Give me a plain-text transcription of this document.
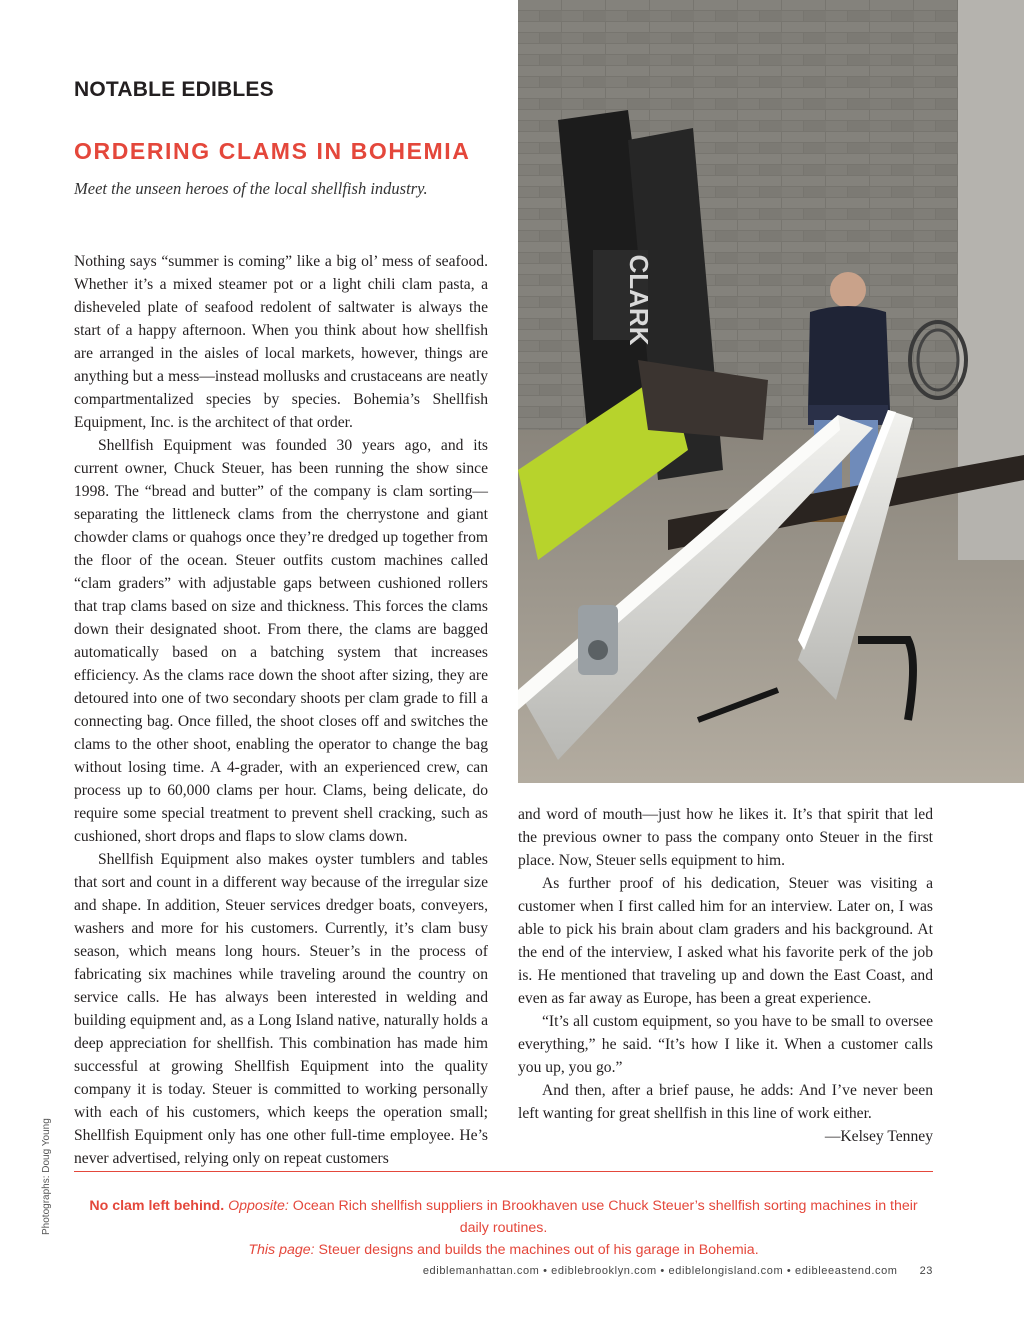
NOTABLE EDIBLES
ORDERING CLAMS IN BOHEMIA
Meet the unseen heroes of the local shellfish industry.

Nothing says “summer is coming” like a big ol’ mess of seafood. Whether it’s a mixed steamer pot or a light chili clam pasta, a disheveled plate of seafood redolent of saltwater is always the start of a happy afternoon. When you think about how shellfish are arranged in the aisles of local markets, however, things are anything but a mess—instead mollusks and crustaceans are neatly compartmentalized species by species. Bohemia’s Shellfish Equipment, Inc. is the architect of that order.

Shellfish Equipment was founded 30 years ago, and its current owner, Chuck Steuer, has been running the show since 1998. The “bread and butter” of the company is clam sorting—separating the littleneck clams from the cherrystone and giant chowder clams or quahogs once they’re dredged up together from the floor of the ocean. Steuer outfits custom machines called “clam graders” with adjustable gaps between cushioned rollers that trap clams based on size and thickness. This forces the clams down their designated shoot. From there, the clams are bagged automatically based on a batching system that increases efficiency. As the clams race down the shoot after sizing, they are detoured into one of two secondary shoots per clam grade to fill a connecting bag. Once filled, the shoot closes off and switches the clams to the other shoot, enabling the operator to change the bag without losing time. A 4-grader, with an experienced crew, can process up to 60,000 clams per hour. Clams, being delicate, do require some special treatment to prevent shell cracking, such as cushioned, short drops and flaps to slow clams down.

Shellfish Equipment also makes oyster tumblers and tables that sort and count in a different way because of the irregular size and shape. In addition, Steuer services dredger boats, conveyers, washers and more for his customers. Currently, it’s clam busy season, which means long hours. Steuer’s in the process of fabricating six machines while traveling around the country on service calls. He has always been interested in welding and building equipment and, as a Long Island native, naturally holds a deep appreciation for shellfish. This combination has made him successful at growing Shellfish Equipment into the quality company it is today. Steuer is committed to working personally with each of his customers, which keeps the operation small; Shellfish Equipment only has one other full-time employee. He’s never advertised, relying only on repeat customers

CLARK

and word of mouth—just how he likes it. It’s that spirit that led the previous owner to pass the company onto Steuer in the first place. Now, Steuer sells equipment to him.

As further proof of his dedication, Steuer was visiting a customer when I first called him for an interview. Later on, I was able to pick his brain about clam graders and his background. At the end of the interview, I asked what his favorite perk of the job is. He mentioned that traveling up and down the East Coast, and even as far away as Europe, has been a great experience.

“It’s all custom equipment, so you have to be small to oversee everything,” he said. “It’s how I like it. When a customer calls you up, you go.”

And then, after a brief pause, he adds: And I’ve never been left wanting for great shellfish in this line of work either.

—Kelsey Tenney

Photographs: Doug Young	No clam left behind. Opposite: Ocean Rich shellfish suppliers in Brookhaven use Chuck Steuer’s shellfish sorting machines in their daily routines.
This page: Steuer designs and builds the machines out of his garage in Bohemia.
ediblemanhattan.com • ediblebrooklyn.com • ediblelongisland.com • edibleeastend.com 23
